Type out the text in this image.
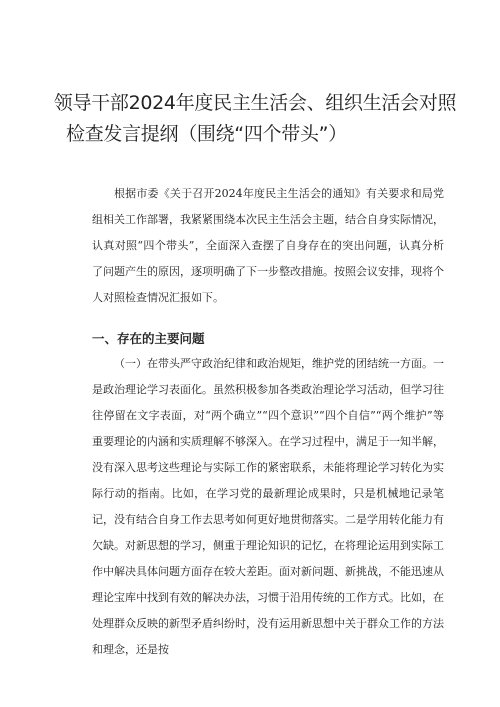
领导干部2024年度民主生活会、组织生活会对照
检查发言提纲（围绕“四个带头”）

根据市委《关于召开2024年度民主生活会的通知》有关要求和局党组相关工作部署，我紧紧围绕本次民主生活会主题，结合自身实际情况，认真对照“四个带头”，全面深入查摆了自身存在的突出问题，认真分析了问题产生的原因，逐项明确了下一步整改措施。按照会议安排，现将个人对照检查情况汇报如下。

一、存在的主要问题

（一）在带头严守政治纪律和政治规矩，维护党的团结统一方面。一是政治理论学习表面化。虽然积极参加各类政治理论学习活动，但学习往往停留在文字表面，对“两个确立”“四个意识”“四个自信”“两个维护”等重要理论的内涵和实质理解不够深入。在学习过程中，满足于一知半解，没有深入思考这些理论与实际工作的紧密联系，未能将理论学习转化为实际行动的指南。比如，在学习党的最新理论成果时，只是机械地记录笔记，没有结合自身工作去思考如何更好地贯彻落实。二是学用转化能力有欠缺。对新思想的学习，侧重于理论知识的记忆，在将理论运用到实际工作中解决具体问题方面存在较大差距。面对新问题、新挑战，不能迅速从理论宝库中找到有效的解决办法，习惯于沿用传统的工作方式。比如，在处理群众反映的新型矛盾纠纷时，没有运用新思想中关于群众工作的方法和理念，还是按
